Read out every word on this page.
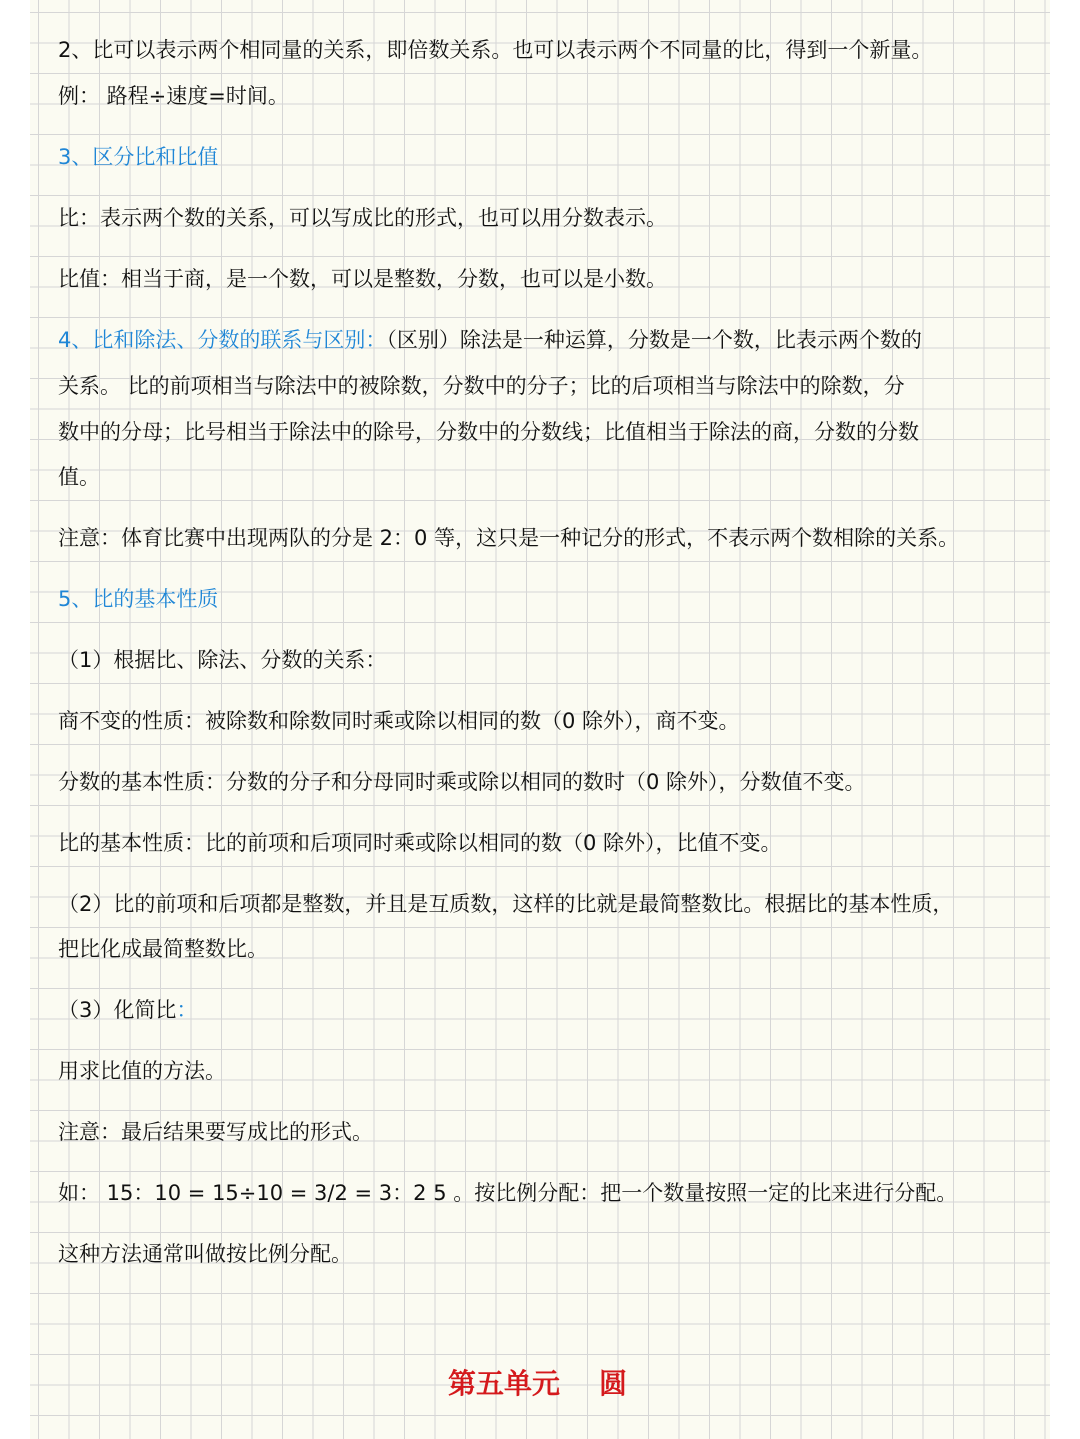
2、比可以表示两个相同量的关系，即倍数关系。也可以表示两个不同量的比，得到一个新量。
例： 路程÷速度=时间。
3、区分比和比值
比：表示两个数的关系，可以写成比的形式，也可以用分数表示。
比值：相当于商，是一个数，可以是整数，分数，也可以是小数。
4、比和除法、分数的联系与区别：（区别）除法是一种运算，分数是一个数，比表示两个数的
关系。 比的前项相当与除法中的被除数，分数中的分子；比的后项相当与除法中的除数，分
数中的分母；比号相当于除法中的除号，分数中的分数线；比值相当于除法的商，分数的分数
值。
注意：体育比赛中出现两队的分是 2：0 等，这只是一种记分的形式，不表示两个数相除的关系。
5、比的基本性质
（1）根据比、除法、分数的关系：
商不变的性质：被除数和除数同时乘或除以相同的数（0 除外），商不变。
分数的基本性质：分数的分子和分母同时乘或除以相同的数时（0 除外），分数值不变。
比的基本性质：比的前项和后项同时乘或除以相同的数（0 除外），比值不变。
（2）比的前项和后项都是整数，并且是互质数，这样的比就是最简整数比。根据比的基本性质，
把比化成最简整数比。
（3）化简比：
用求比值的方法。
注意：最后结果要写成比的形式。
如： 15：10 = 15÷10 = 3/2 = 3：2 5 。按比例分配：把一个数量按照一定的比来进行分配。
这种方法通常叫做按比例分配。
第五单元    圆
